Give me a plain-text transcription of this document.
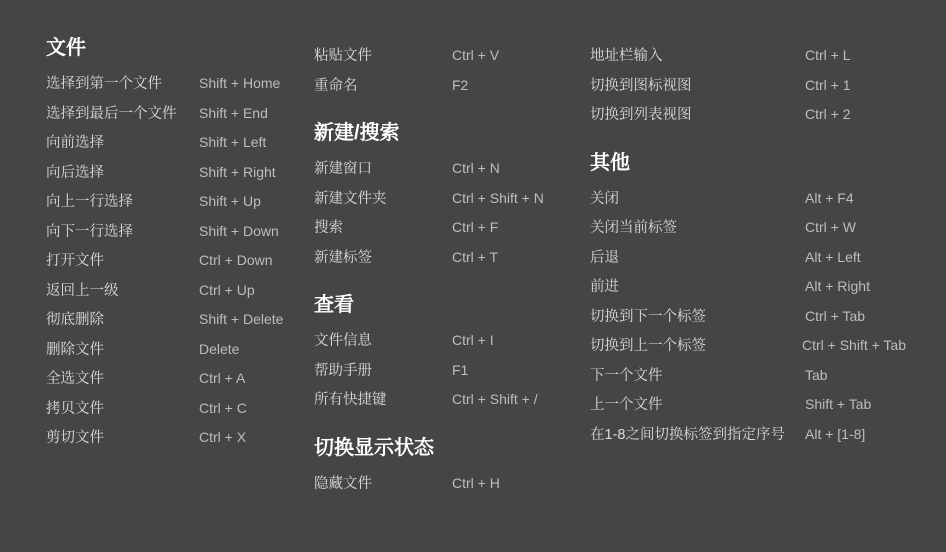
文件
选择到第一个文件	Shift + Home
选择到最后一个文件	Shift + End
向前选择	Shift + Left
向后选择	Shift + Right
向上一行选择	Shift + Up
向下一行选择	Shift + Down
打开文件	Ctrl + Down
返回上一级	Ctrl + Up
彻底删除	Shift + Delete
删除文件	Delete
全选文件	Ctrl + A
拷贝文件	Ctrl + C
剪切文件	Ctrl + X
粘贴文件	Ctrl + V
重命名	F2
新建/搜索
新建窗口	Ctrl + N
新建文件夹	Ctrl + Shift + N
搜索	Ctrl + F
新建标签	Ctrl + T
查看
文件信息	Ctrl + I
帮助手册	F1
所有快捷键	Ctrl + Shift + /
切换显示状态
隐藏文件	Ctrl + H
地址栏输入	Ctrl + L
切换到图标视图	Ctrl + 1
切换到列表视图	Ctrl + 2
其他
关闭	Alt + F4
关闭当前标签	Ctrl + W
后退	Alt + Left
前进	Alt + Right
切换到下一个标签	Ctrl + Tab
切换到上一个标签	Ctrl + Shift + Tab
下一个文件	Tab
上一个文件	Shift + Tab
在1-8之间切换标签到指定序号	Alt + [1-8]
